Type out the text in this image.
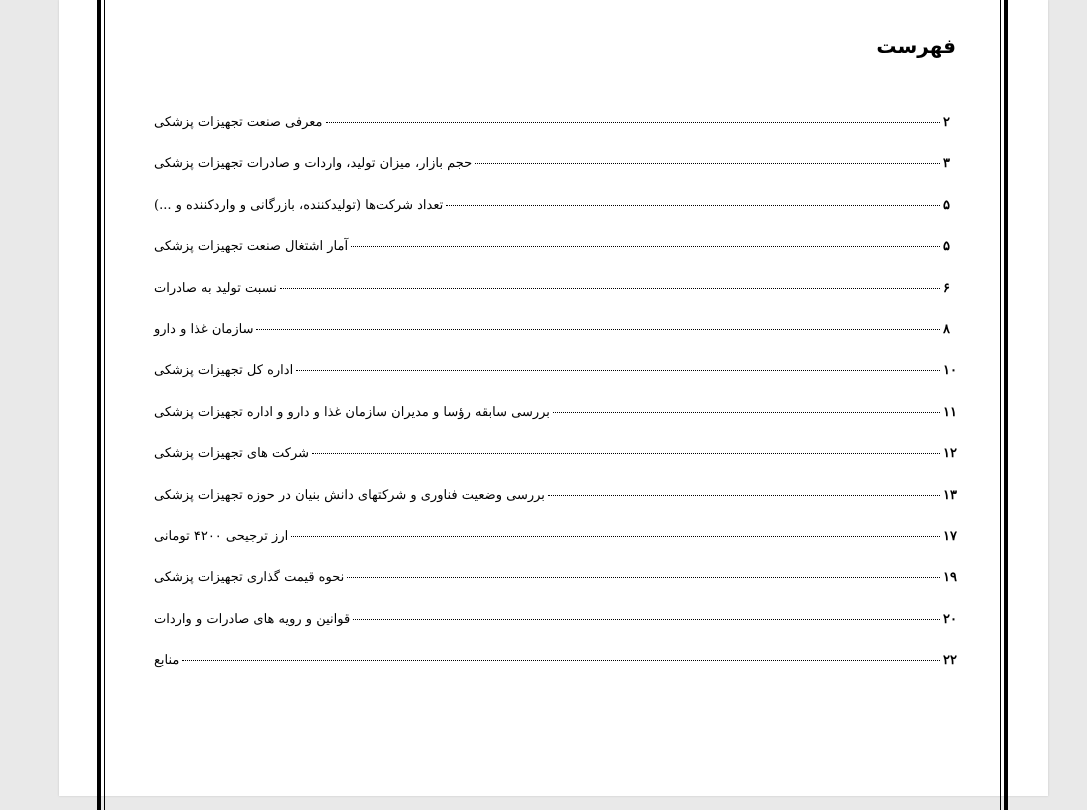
فهرست
معرفی صنعت تجهیزات پزشکی	۲
حجم بازار، میزان تولید، واردات و صادرات تجهیزات پزشکی	۳
تعداد شرکت‌ها (تولیدکننده، بازرگانی و واردکننده و ...)	۵
آمار اشتغال صنعت تجهیزات پزشکی	۵
نسبت تولید به صادرات	۶
سازمان غذا و دارو	۸
اداره کل تجهیزات پزشکی	۱۰
بررسی سابقه رؤسا و مدیران سازمان غذا و دارو و اداره تجهیزات پزشکی	۱۱
شرکت های تجهیزات پزشکی	۱۲
بررسی وضعیت فناوری و شرکتهای دانش بنیان در حوزه تجهیزات پزشکی	۱۳
ارز ترجیحی ۴۲۰۰ تومانی	۱۷
نحوه قیمت گذاری تجهیزات پزشکی	۱۹
قوانین و رویه های صادرات و واردات	۲۰
منابع	۲۲
